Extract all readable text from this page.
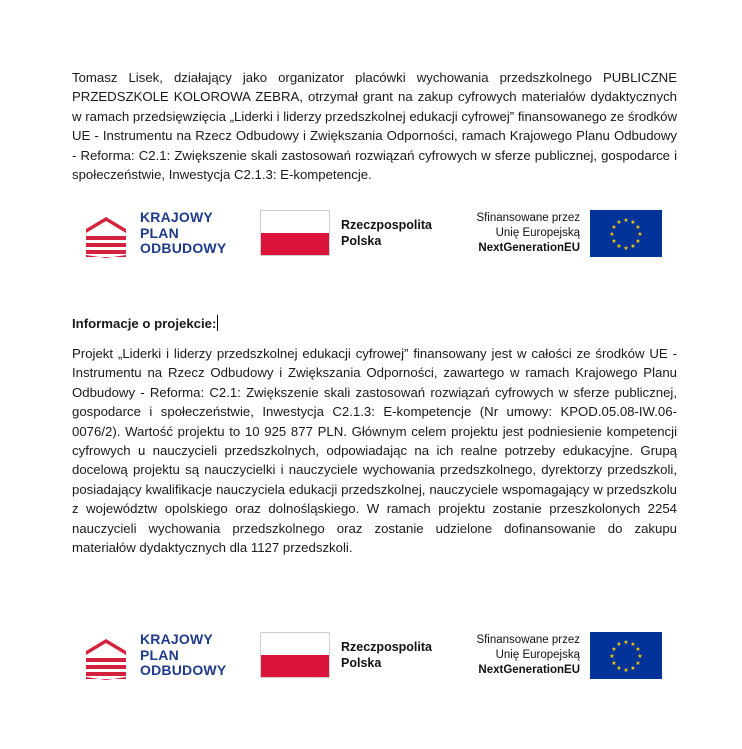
Tomasz Lisek, działający jako organizator placówki wychowania przedszkolnego PUBLICZNE PRZEDSZKOLE KOLOROWA ZEBRA, otrzymał grant na zakup cyfrowych materiałów dydaktycznych w ramach przedsięwzięcia „Liderki i liderzy przedszkolnej edukacji cyfrowej” finansowanego ze środków UE - Instrumentu na Rzecz Odbudowy i Zwiększania Odporności, ramach Krajowego Planu Odbudowy - Reforma: C2.1: Zwiększenie skali zastosowań rozwiązań cyfrowych w sferze publicznej, gospodarce i społeczeństwie, Inwestycja C2.1.3: E-kompetencje.

KRAJOWY
PLAN
ODBUDOWY
Rzeczpospolita
Polska
Sfinansowane przez
Unię Europejską
NextGenerationEU
★ ★
★
★
★
★
★
★
★
★
★
★

Informacje o projekcie:

Projekt „Liderki i liderzy przedszkolnej edukacji cyfrowej” finansowany jest w całości ze środków UE - Instrumentu na Rzecz Odbudowy i Zwiększania Odporności, zawartego w ramach Krajowego Planu Odbudowy - Reforma: C2.1: Zwiększenie skali zastosowań rozwiązań cyfrowych w sferze publicznej, gospodarce i społeczeństwie, Inwestycja C2.1.3: E-kompetencje (Nr umowy: KPOD.05.08-IW.06-0076/2). Wartość projektu to 10 925 877 PLN. Głównym celem projektu jest podniesienie kompetencji cyfrowych u nauczycieli przedszkolnych, odpowiadając na ich realne potrzeby edukacyjne. Grupą docelową projektu są nauczycielki i nauczyciele wychowania przedszkolnego, dyrektorzy przedszkoli, posiadający kwalifikacje nauczyciela edukacji przedszkolnej, nauczyciele wspomagający w przedszkolu z województw opolskiego oraz dolnośląskiego. W ramach projektu zostanie przeszkolonych 2254 nauczycieli wychowania przedszkolnego oraz zostanie udzielone dofinansowanie do zakupu materiałów dydaktycznych dla 1127 przedszkoli.

KRAJOWY
PLAN
ODBUDOWY
Rzeczpospolita
Polska
Sfinansowane przez
Unię Europejską
NextGenerationEU
★ ★
★
★
★
★
★
★
★
★
★
★
